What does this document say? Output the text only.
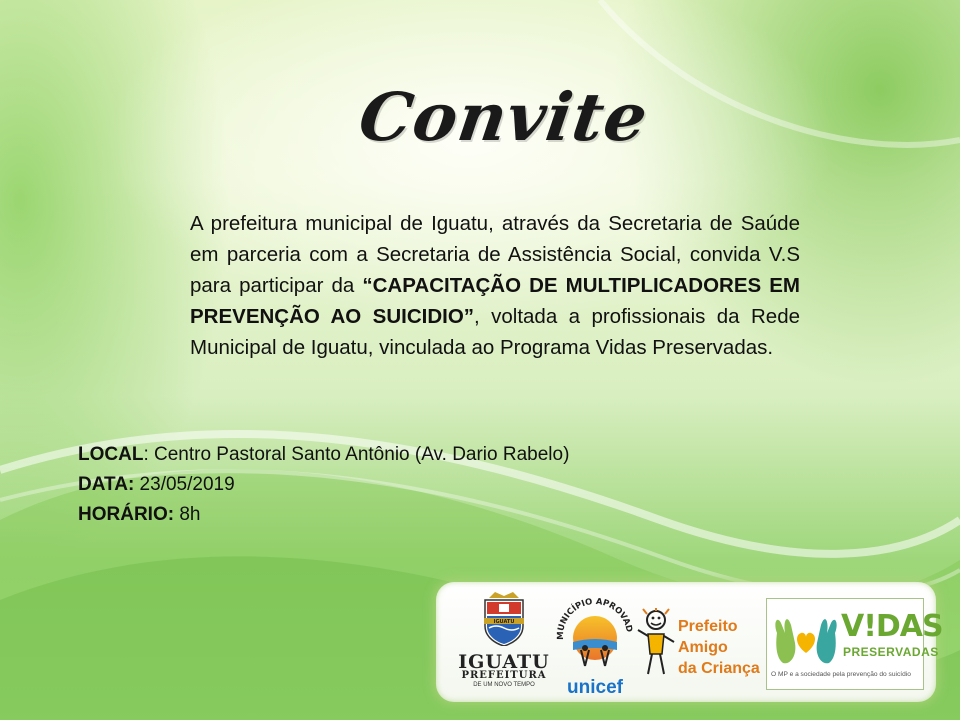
Convite
A prefeitura municipal de Iguatu, através da Secretaria de Saúde em parceria com a Secretaria de Assistência Social, convida V.S para participar da “CAPACITAÇÃO DE MULTIPLICADORES EM PREVENÇÃO AO SUICIDIO”, voltada a profissionais da Rede Municipal de Iguatu, vinculada ao Programa Vidas Preservadas.
LOCAL: Centro Pastoral Santo Antônio (Av. Dario Rabelo)
DATA: 23/05/2019
HORÁRIO: 8h
IGUATU
IGUATU
PREFEITURA
DE UM NOVO TEMPO
MUNICÍPIO APROVAD
unicef
Prefeito
Amigo
da Criança
V!DAS
PRESERVADAS
O MP e a sociedade pela prevenção do suicídio
